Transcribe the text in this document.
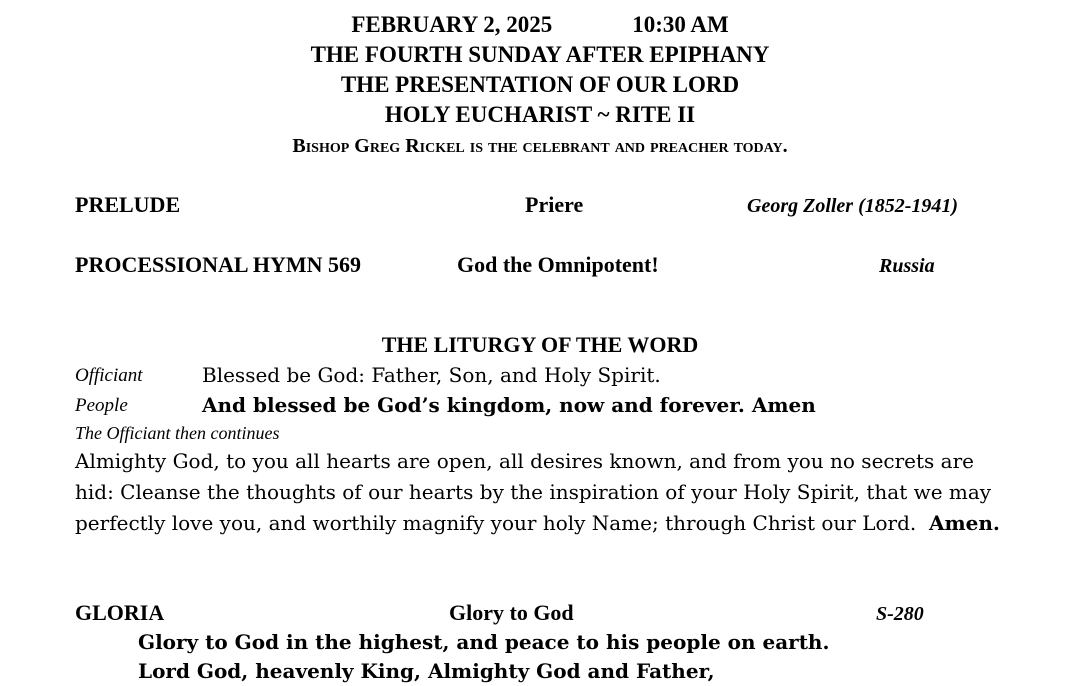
FEBRUARY 2, 2025	10:30 AM
THE FOURTH SUNDAY AFTER EPIPHANY
THE PRESENTATION OF OUR LORD
HOLY EUCHARIST ~ RITE II
Bishop Greg Rickel is the celebrant and preacher today.
PRELUDE	Priere	Georg Zoller (1852-1941)
PROCESSIONAL HYMN 569	God the Omnipotent!	Russia
THE LITURGY OF THE WORD
Officiant	Blessed be God: Father, Son, and Holy Spirit.
People	And blessed be God’s kingdom, now and forever. Amen
The Officiant then continues
Almighty God, to you all hearts are open, all desires known, and from you no secrets are hid: Cleanse the thoughts of our hearts by the inspiration of your Holy Spirit, that we may perfectly love you, and worthily magnify your holy Name; through Christ our Lord. Amen.
GLORIA	Glory to God	S-280
Glory to God in the highest, and peace to his people on earth.
Lord God, heavenly King, Almighty God and Father,
